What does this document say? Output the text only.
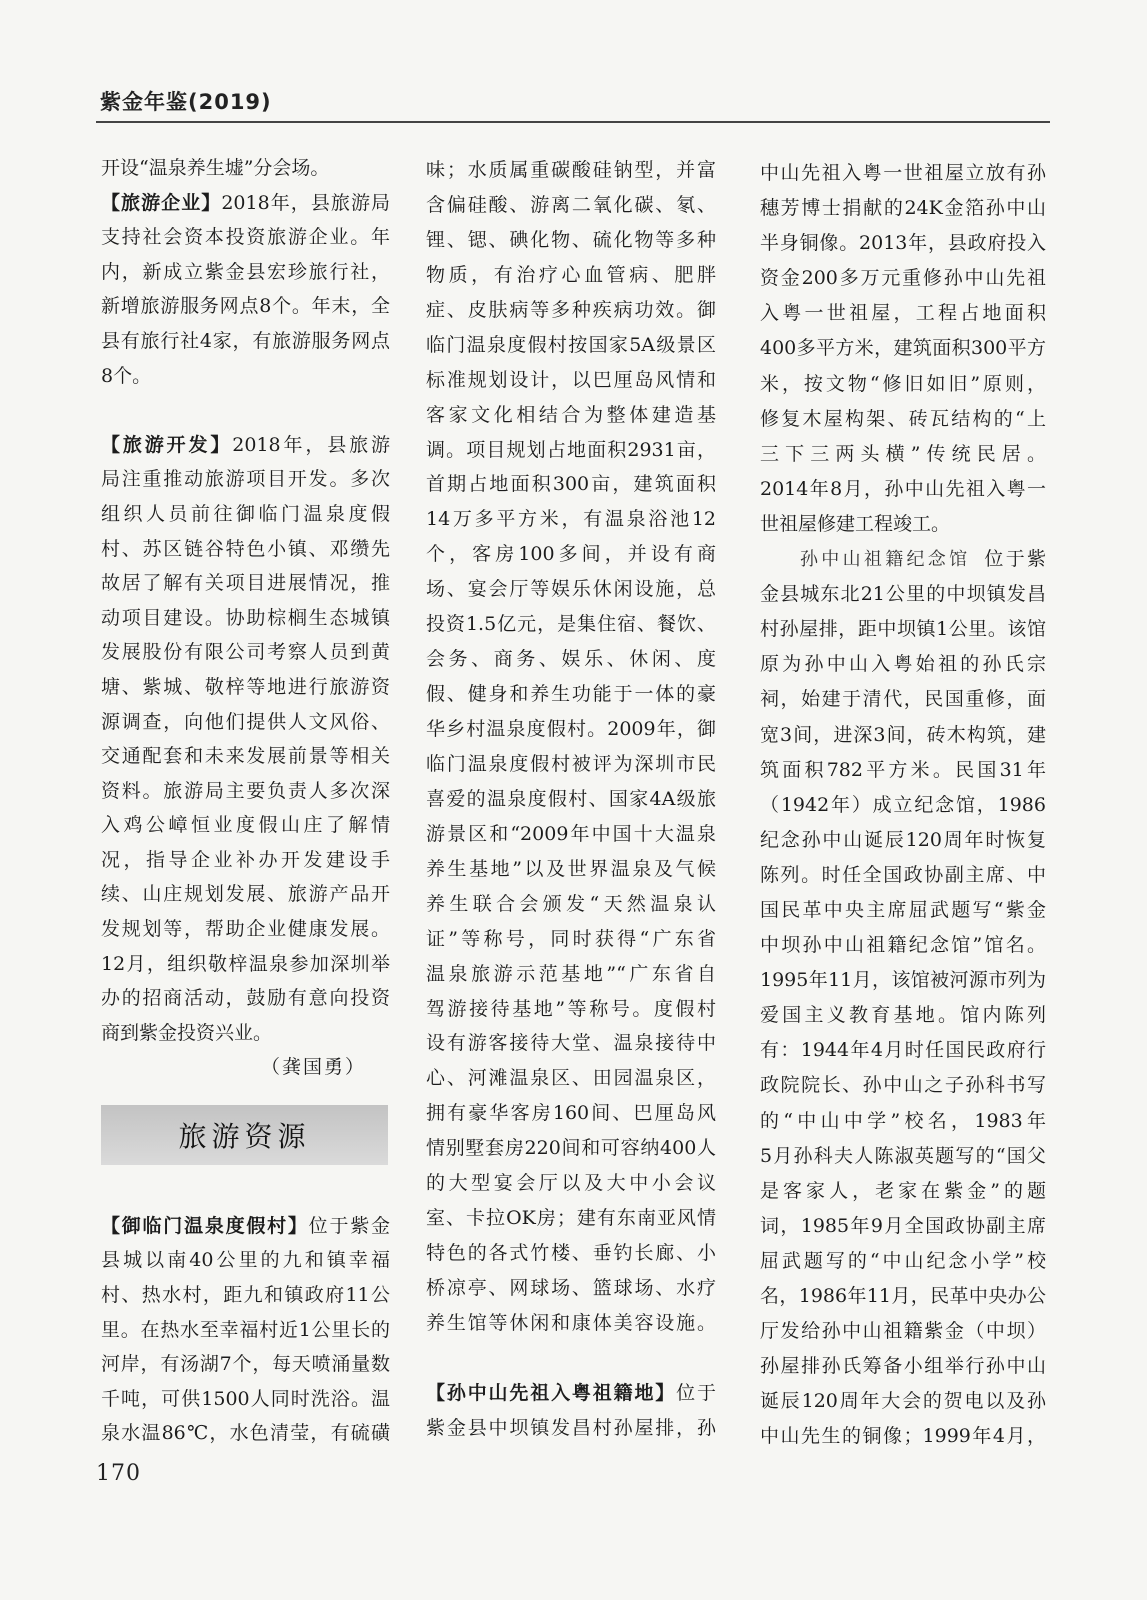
紫金年鉴(2019)
开设“温泉养生墟”分会场。
【旅游企业】2018年，县旅游局
支持社会资本投资旅游企业。年
内，新成立紫金县宏珍旅行社，
新增旅游服务网点8个。年末，全
县有旅行社4家，有旅游服务网点
8个。
【旅游开发】2018年，县旅游
局注重推动旅游项目开发。多次
组织人员前往御临门温泉度假
村、苏区链谷特色小镇、邓缵先
故居了解有关项目进展情况，推
动项目建设。协助棕榈生态城镇
发展股份有限公司考察人员到黄
塘、紫城、敬梓等地进行旅游资
源调查，向他们提供人文风俗、
交通配套和未来发展前景等相关
资料。旅游局主要负责人多次深
入鸡公嶂恒业度假山庄了解情
况，指导企业补办开发建设手
续、山庄规划发展、旅游产品开
发规划等，帮助企业健康发展。
12月，组织敬梓温泉参加深圳举
办的招商活动，鼓励有意向投资
商到紫金投资兴业。
（龚国勇）
旅游资源
【御临门温泉度假村】位于紫金
县城以南40公里的九和镇幸福
村、热水村，距九和镇政府11公
里。在热水至幸福村近1公里长的
河岸，有汤湖7个，每天喷涌量数
千吨，可供1500人同时洗浴。温
泉水温86℃，水色清莹，有硫磺
味；水质属重碳酸硅钠型，并富
含偏硅酸、游离二氧化碳、氡、
锂、锶、碘化物、硫化物等多种
物质，有治疗心血管病、肥胖
症、皮肤病等多种疾病功效。御
临门温泉度假村按国家5A级景区
标准规划设计，以巴厘岛风情和
客家文化相结合为整体建造基
调。项目规划占地面积2931亩，
首期占地面积300亩，建筑面积
14万多平方米，有温泉浴池12
个，客房100多间，并设有商
场、宴会厅等娱乐休闲设施，总
投资1.5亿元，是集住宿、餐饮、
会务、商务、娱乐、休闲、度
假、健身和养生功能于一体的豪
华乡村温泉度假村。2009年，御
临门温泉度假村被评为深圳市民
喜爱的温泉度假村、国家4A级旅
游景区和“2009年中国十大温泉
养生基地”以及世界温泉及气候
养生联合会颁发“天然温泉认
证”等称号，同时获得“广东省
温泉旅游示范基地”“广东省自
驾游接待基地”等称号。度假村
设有游客接待大堂、温泉接待中
心、河滩温泉区、田园温泉区，
拥有豪华客房160间、巴厘岛风
情别墅套房220间和可容纳400人
的大型宴会厅以及大中小会议
室、卡拉OK房；建有东南亚风情
特色的各式竹楼、垂钓长廊、小
桥凉亭、网球场、篮球场、水疗
养生馆等休闲和康体美容设施。
【孙中山先祖入粤祖籍地】位于
紫金县中坝镇发昌村孙屋排，孙
中山先祖入粤一世祖屋立放有孙
穗芳博士捐献的24K金箔孙中山
半身铜像。2013年，县政府投入
资金200多万元重修孙中山先祖
入粤一世祖屋，工程占地面积
400多平方米，建筑面积300平方
米，按文物“修旧如旧”原则，
修复木屋构架、砖瓦结构的“上
三下三两头横”传统民居。
2014年8月，孙中山先祖入粤一
世祖屋修建工程竣工。
孙中山祖籍纪念馆 位于紫
金县城东北21公里的中坝镇发昌
村孙屋排，距中坝镇1公里。该馆
原为孙中山入粤始祖的孙氏宗
祠，始建于清代，民国重修，面
宽3间，进深3间，砖木构筑，建
筑面积782平方米。民国31年
（1942年）成立纪念馆，1986
纪念孙中山诞辰120周年时恢复
陈列。时任全国政协副主席、中
国民革中央主席屈武题写“紫金
中坝孙中山祖籍纪念馆”馆名。
1995年11月，该馆被河源市列为
爱国主义教育基地。馆内陈列
有：1944年4月时任国民政府行
政院院长、孙中山之子孙科书写
的“中山中学”校名，1983年
5月孙科夫人陈淑英题写的“国父
是客家人，老家在紫金”的题
词，1985年9月全国政协副主席
屈武题写的“中山纪念小学”校
名，1986年11月，民革中央办公
厅发给孙中山祖籍紫金（中坝）
孙屋排孙氏筹备小组举行孙中山
诞辰120周年大会的贺电以及孙
中山先生的铜像；1999年4月，
170
